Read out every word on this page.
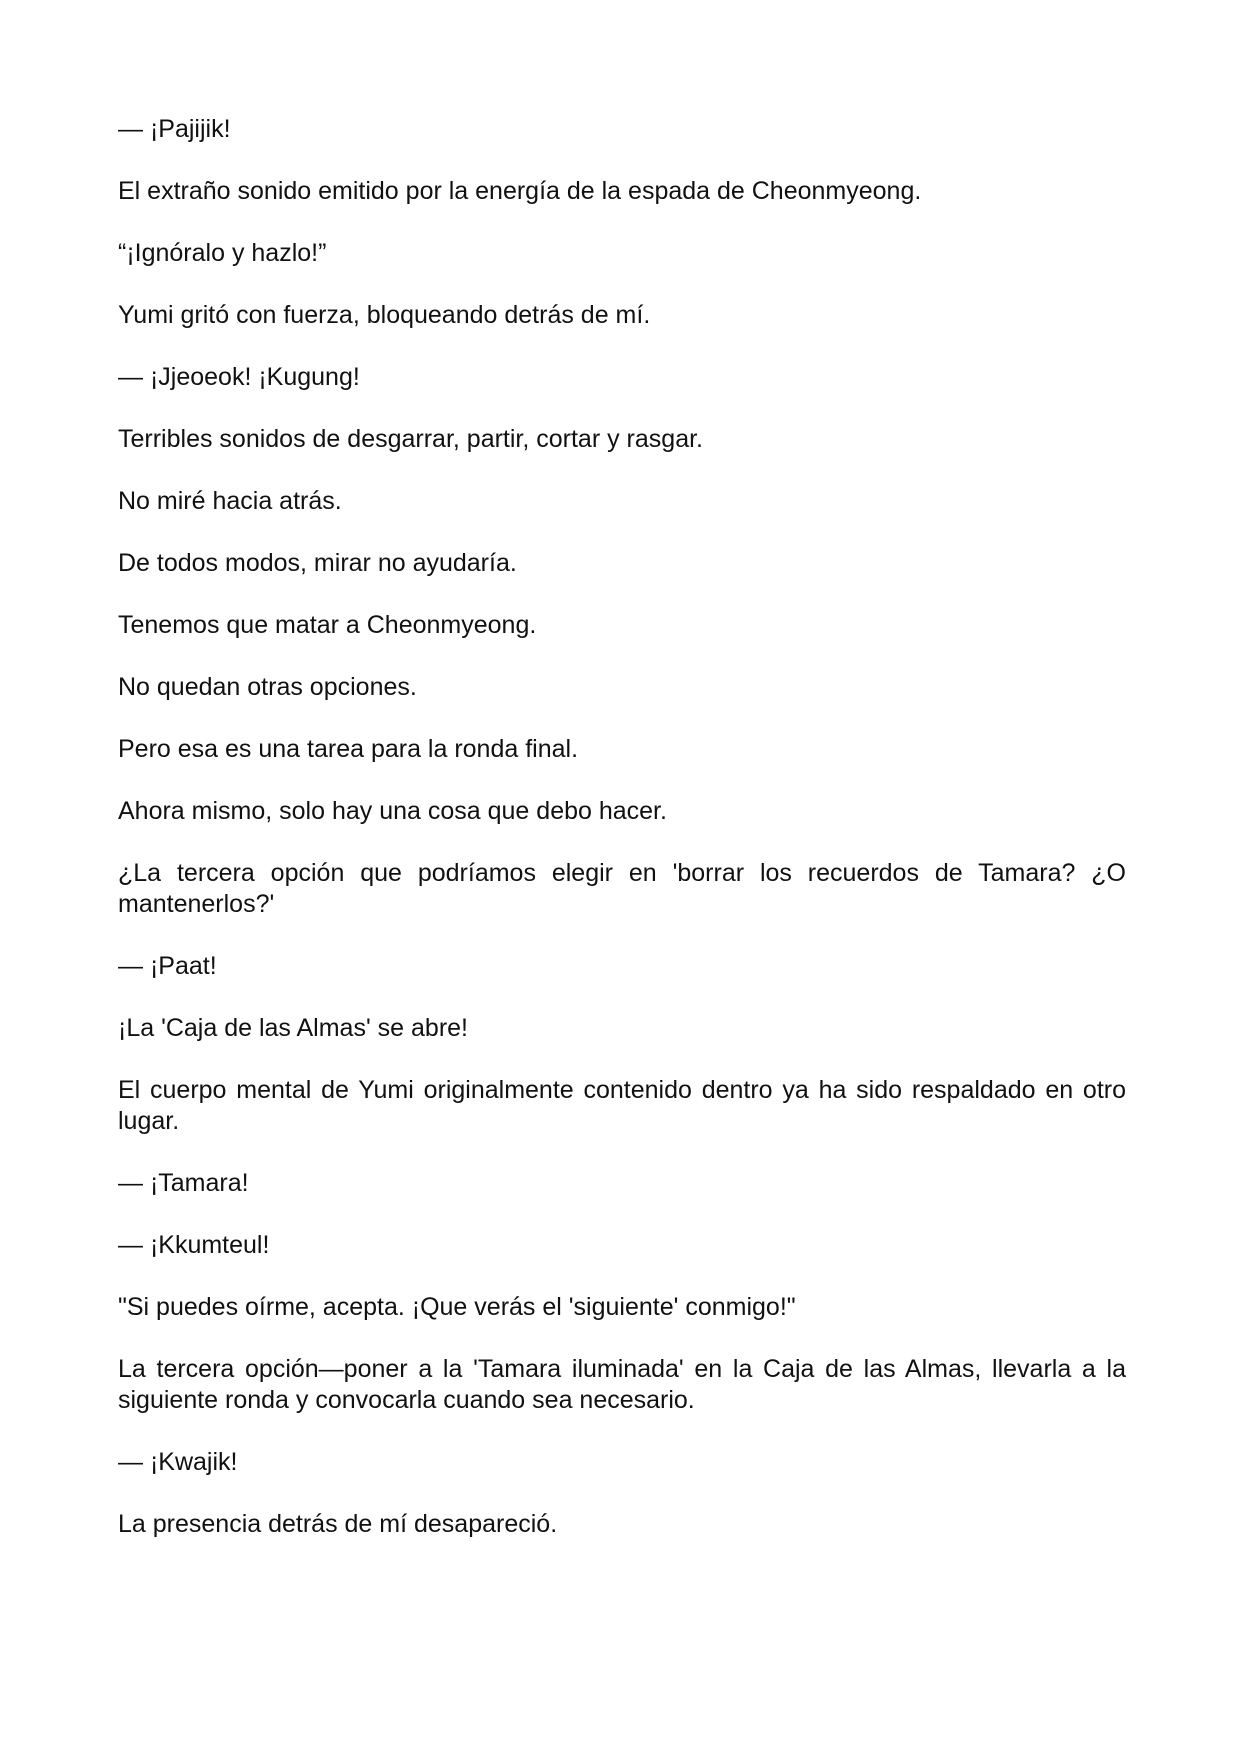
— ¡Pajijik!

El extraño sonido emitido por la energía de la espada de Cheonmyeong.

“¡Ignóralo y hazlo!”

Yumi gritó con fuerza, bloqueando detrás de mí.

— ¡Jjeoeok! ¡Kugung!

Terribles sonidos de desgarrar, partir, cortar y rasgar.

No miré hacia atrás.

De todos modos, mirar no ayudaría.

Tenemos que matar a Cheonmyeong.

No quedan otras opciones.

Pero esa es una tarea para la ronda final.

Ahora mismo, solo hay una cosa que debo hacer.

¿La tercera opción que podríamos elegir en 'borrar los recuerdos de Tamara? ¿O mantenerlos?'

— ¡Paat!

¡La 'Caja de las Almas' se abre!

El cuerpo mental de Yumi originalmente contenido dentro ya ha sido respaldado en otro lugar.

— ¡Tamara!

— ¡Kkumteul!

"Si puedes oírme, acepta. ¡Que verás el 'siguiente' conmigo!"

La tercera opción—poner a la 'Tamara iluminada' en la Caja de las Almas, llevarla a la siguiente ronda y convocarla cuando sea necesario.

— ¡Kwajik!

La presencia detrás de mí desapareció.
